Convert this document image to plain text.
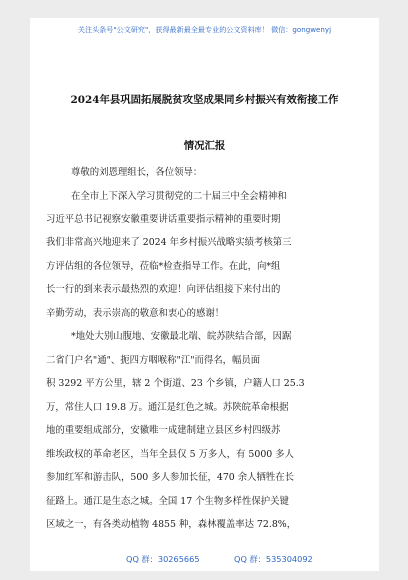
关注头条号"公文研究"，获得最新最全最专业的公文资料库！ 微信：gongwenyj
2024年县巩固拓展脱贫攻坚成果同乡村振兴有效衔接工作
情况汇报
尊敬的刘恩理组长，各位领导：
在全市上下深入学习贯彻党的二十届三中全会精神和
习近平总书记视察安徽重要讲话重要指示精神的重要时期
我们非常高兴地迎来了 2024 年乡村振兴战略实绩考核第三
方评估组的各位领导，莅临*检查指导工作。在此，向*组
长一行的到来表示最热烈的欢迎！向评估组接下来付出的
辛勤劳动，表示崇高的敬意和衷心的感谢！
*地处大别山腹地、安徽最北端、皖苏陕结合部，因踞
二省门户名"通"、扼四方咽喉称"江"而得名，幅员面
积 3292 平方公里，辖 2 个街道、23 个乡镇，户籍人口 25.3
万，常住人口 19.8 万。通江是红色之城。苏陕皖革命根据
地的重要组成部分，安徽唯一成建制建立县区乡村四级苏
维埃政权的革命老区，当年全县仅 5 万多人，有 5000 多人
参加红军和游击队，500 多人参加长征，470 余人牺牲在长
征路上。通江是生态之城。全国 17 个生物多样性保护关键
区域之一，有各类动植物 4855 种，森林覆盖率达 72.8%，
QQ 群：30265665	QQ 群：535304092
